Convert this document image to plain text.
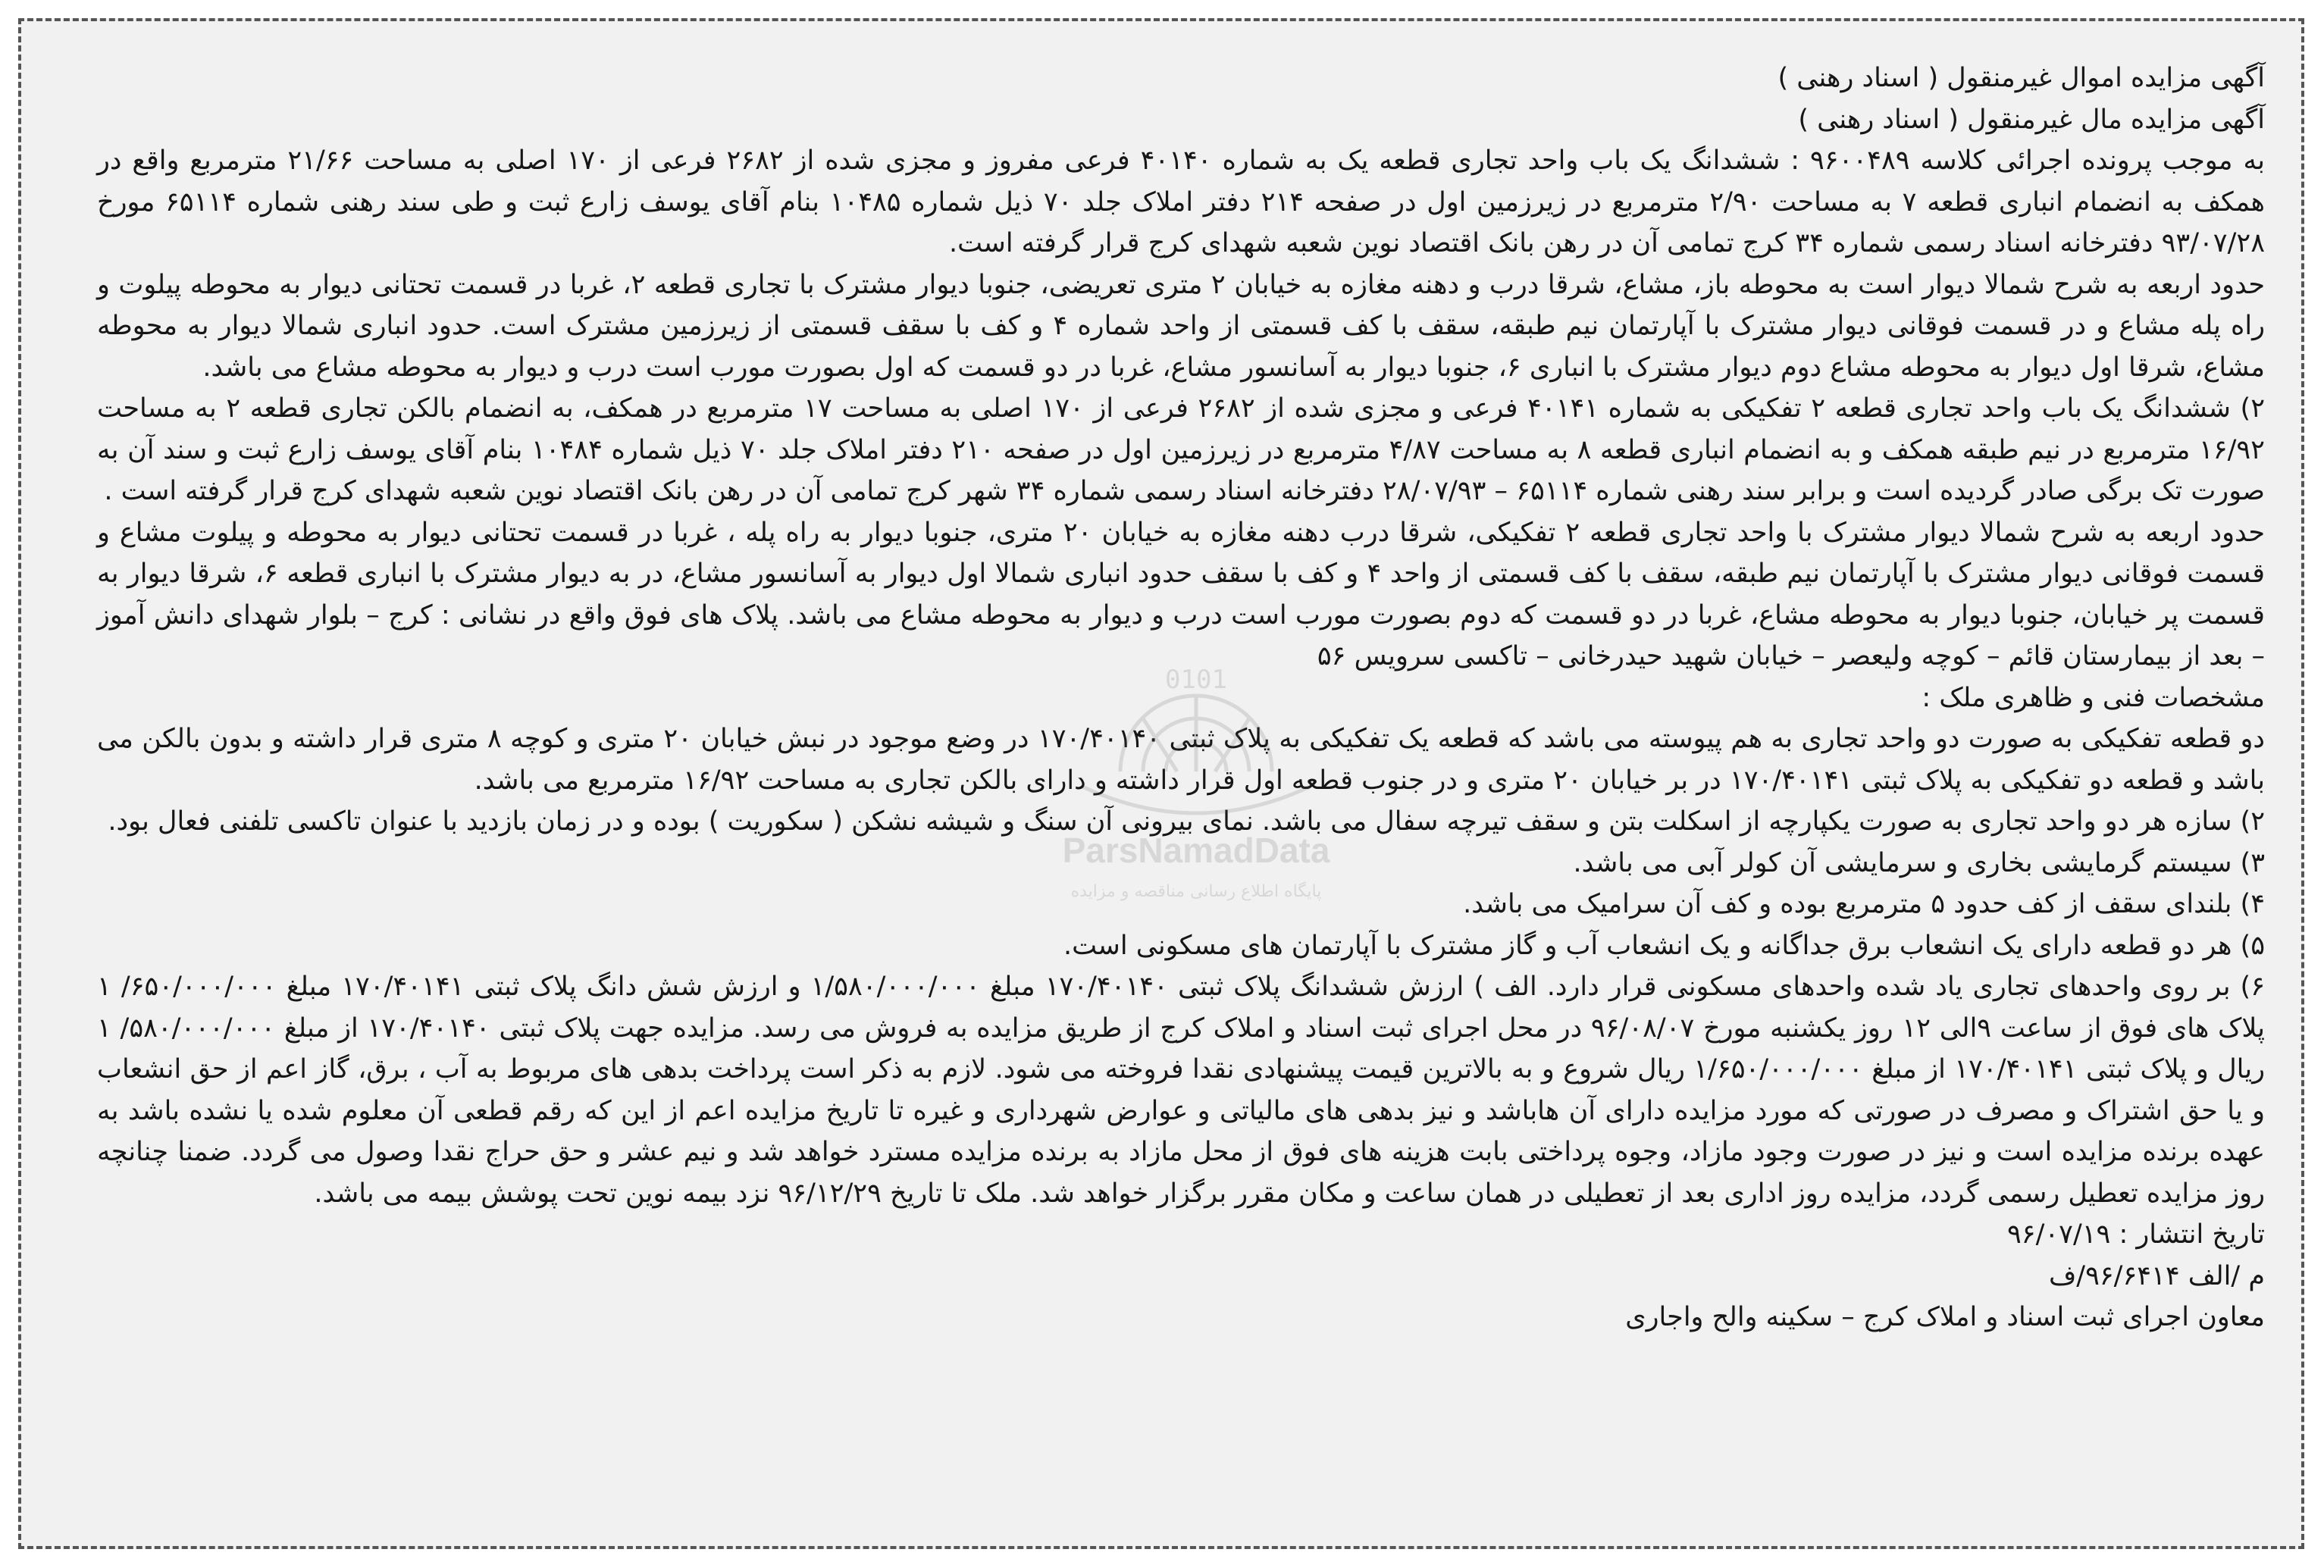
آگهی مزایده اموال غیرمنقول ( اسناد رهنی )

آگهی مزایده مال غیرمنقول ( اسناد رهنی )

به موجب پرونده اجرائی کلاسه ۹۶۰۰۴۸۹ : ششدانگ یک باب واحد تجاری قطعه یک به شماره ۴۰۱۴۰ فرعی مفروز و مجزی شده از ۲۶۸۲ فرعی از ۱۷۰ اصلی به مساحت ۲۱/۶۶ مترمربع واقع در همکف به انضمام انباری قطعه ۷ به مساحت ۲/۹۰ مترمربع در زیرزمین اول در صفحه ۲۱۴ دفتر املاک جلد ۷۰ ذیل شماره ۱۰۴۸۵ بنام آقای یوسف زارع ثبت و طی سند رهنی شماره ۶۵۱۱۴ مورخ ۹۳/۰۷/۲۸ دفترخانه اسناد رسمی شماره ۳۴ کرج تمامی آن در رهن بانک اقتصاد نوین شعبه شهدای کرج قرار گرفته است.

حدود اربعه به شرح شمالا دیوار است به محوطه باز، مشاع، شرقا درب و دهنه مغازه به خیابان ۲ متری تعریضی، جنوبا دیوار مشترک با تجاری قطعه ۲، غربا در قسمت تحتانی دیوار به محوطه پیلوت و راه پله مشاع و در قسمت فوقانی دیوار مشترک با آپارتمان نیم طبقه، سقف با کف قسمتی از واحد شماره ۴ و کف با سقف قسمتی از زیرزمین مشترک است. حدود انباری شمالا دیوار به محوطه مشاع، شرقا اول دیوار به محوطه مشاع دوم دیوار مشترک با انباری ۶، جنوبا دیوار به آسانسور مشاع، غربا در دو قسمت که اول بصورت مورب است درب و دیوار به محوطه مشاع می باشد.

۲) ششدانگ یک باب واحد تجاری قطعه ۲ تفکیکی به شماره ۴۰۱۴۱ فرعی و مجزی شده از ۲۶۸۲ فرعی از ۱۷۰ اصلی به مساحت ۱۷ مترمربع در همکف، به انضمام بالکن تجاری قطعه ۲ به مساحت ۱۶/۹۲ مترمربع در نیم طبقه همکف و به انضمام انباری قطعه ۸ به مساحت ۴/۸۷ مترمربع در زیرزمین اول در صفحه ۲۱۰ دفتر املاک جلد ۷۰ ذیل شماره ۱۰۴۸۴ بنام آقای یوسف زارع ثبت و سند آن به صورت تک برگی صادر گردیده است و برابر سند رهنی شماره ۶۵۱۱۴ – ۲۸/۰۷/۹۳ دفترخانه اسناد رسمی شماره ۳۴ شهر کرج تمامی آن در رهن بانک اقتصاد نوین شعبه شهدای کرج قرار گرفته است .

حدود اربعه به شرح شمالا دیوار مشترک با واحد تجاری قطعه ۲ تفکیکی، شرقا درب دهنه مغازه به خیابان ۲۰ متری، جنوبا دیوار به راه پله ، غربا در قسمت تحتانی دیوار به محوطه و پیلوت مشاع و قسمت فوقانی دیوار مشترک با آپارتمان نیم طبقه، سقف با کف قسمتی از واحد ۴ و کف با سقف حدود انباری شمالا اول دیوار به آسانسور مشاع، در به دیوار مشترک با انباری قطعه ۶، شرقا دیوار به قسمت پر خیابان، جنوبا دیوار به محوطه مشاع، غربا در دو قسمت که دوم بصورت مورب است درب و دیوار به محوطه مشاع می باشد. پلاک های فوق واقع در نشانی : کرج – بلوار شهدای دانش آموز – بعد از بیمارستان قائم – کوچه ولیعصر – خیابان شهید حیدرخانی – تاکسی سرویس ۵۶

مشخصات فنی و ظاهری ملک :

دو قطعه تفکیکی به صورت دو واحد تجاری به هم پیوسته می باشد که قطعه یک تفکیکی به پلاک ثبتی ۱۷۰/۴۰۱۴۰ در وضع موجود در نبش خیابان ۲۰ متری و کوچه ۸ متری قرار داشته و بدون بالکن می باشد و قطعه دو تفکیکی به پلاک ثبتی ۱۷۰/۴۰۱۴۱ در بر خیابان ۲۰ متری و در جنوب قطعه اول قرار داشته و دارای بالکن تجاری به مساحت ۱۶/۹۲ مترمربع می باشد.

۲) سازه هر دو واحد تجاری به صورت یکپارچه از اسکلت بتن و سقف تیرچه سفال می باشد. نمای بیرونی آن سنگ و شیشه نشکن ( سکوریت ) بوده و در زمان بازدید با عنوان تاکسی تلفنی فعال بود.

۳) سیستم گرمایشی بخاری و سرمایشی آن کولر آبی می باشد.

۴) بلندای سقف از کف حدود ۵ مترمربع بوده و کف آن سرامیک می باشد.

۵) هر دو قطعه دارای یک انشعاب برق جداگانه و یک انشعاب آب و گاز مشترک با آپارتمان های مسکونی است.

۶) بر روی واحدهای تجاری یاد شده واحدهای مسکونی قرار دارد. الف ) ارزش ششدانگ پلاک ثبتی ۱۷۰/۴۰۱۴۰ مبلغ ۱/۵۸۰/۰۰۰/۰۰۰ و ارزش شش دانگ پلاک ثبتی ۱۷۰/۴۰۱۴۱ مبلغ ۶۵۰/۰۰۰/۰۰۰/ ۱ پلاک های فوق از ساعت ۹الی ۱۲ روز یکشنبه مورخ ۹۶/۰۸/۰۷ در محل اجرای ثبت اسناد و املاک کرج از طریق مزایده به فروش می رسد. مزایده جهت پلاک ثبتی ۱۷۰/۴۰۱۴۰ از مبلغ ۵۸۰/۰۰۰/۰۰۰/ ۱ ریال و پلاک ثبتی ۱۷۰/۴۰۱۴۱ از مبلغ ۱/۶۵۰/۰۰۰/۰۰۰ ریال شروع و به بالاترین قیمت پیشنهادی نقدا فروخته می شود. لازم به ذکر است پرداخت بدهی های مربوط به آب ، برق، گاز اعم از حق انشعاب و یا حق اشتراک و مصرف در صورتی که مورد مزایده دارای آن هاباشد و نیز بدهی های مالیاتی و عوارض شهرداری و غیره تا تاریخ مزایده اعم از این که رقم قطعی آن معلوم شده یا نشده باشد به عهده برنده مزایده است و نیز در صورت وجود مازاد، وجوه پرداختی بابت هزینه های فوق از محل مازاد به برنده مزایده مسترد خواهد شد و نیم عشر و حق حراج نقدا وصول می گردد. ضمنا چنانچه روز مزایده تعطیل رسمی گردد، مزایده روز اداری بعد از تعطیلی در همان ساعت و مکان مقرر برگزار خواهد شد. ملک تا تاریخ ۹۶/۱۲/۲۹ نزد بیمه نوین تحت پوشش بیمه می باشد.

تاریخ انتشار : ۹۶/۰۷/۱۹

م /الف ۹۶/۶۴۱۴/ف

معاون اجرای ثبت اسناد و املاک کرج – سکینه والح واجاری

0101
ParsNamadData
پایگاه اطلاع رسانی مناقصه و مزایده
